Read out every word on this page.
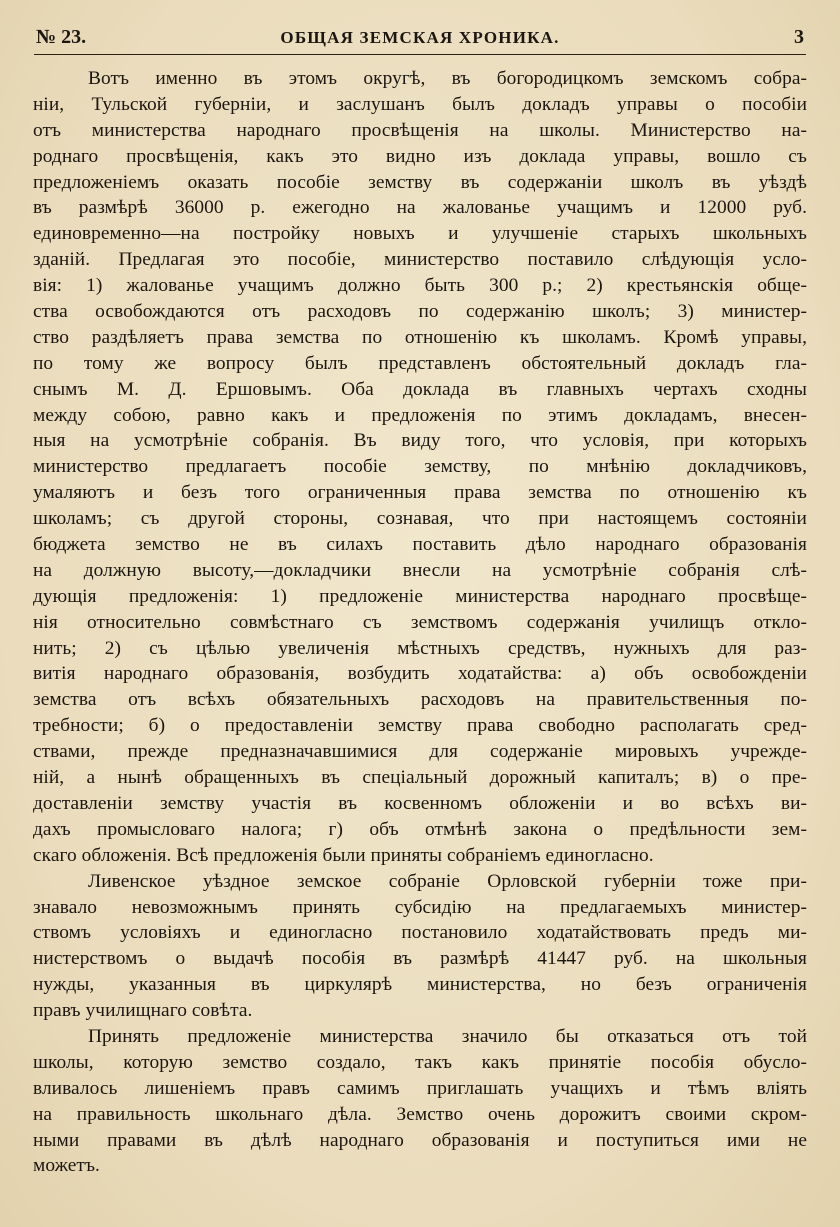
№ 23.	ОБЩАЯ ЗЕМСКАЯ ХРОНИКА.	3
Вотъ именно въ этомъ округѣ, въ богородицкомъ земскомъ собра-
ніи, Тульской губерніи, и заслушанъ былъ докладъ управы о пособіи
отъ министерства народнаго просвѣщенія на школы. Министерство на-
роднаго просвѣщенія, какъ это видно изъ доклада управы, вошло съ
предложеніемъ оказать пособіе земству въ содержаніи школъ въ уѣздѣ
въ размѣрѣ 36000 р. ежегодно на жалованье учащимъ и 12000 руб.
единовременно—на постройку новыхъ и улучшеніе старыхъ школьныхъ
зданій. Предлагая это пособіе, министерство поставило слѣдующія усло-
вія: 1) жалованье учащимъ должно быть 300 р.; 2) крестьянскія обще-
ства освобождаются отъ расходовъ по содержанію школъ; 3) министер-
ство раздѣляетъ права земства по отношенію къ школамъ. Кромѣ управы,
по тому же вопросу былъ представленъ обстоятельный докладъ гла-
снымъ М. Д. Ершовымъ. Оба доклада въ главныхъ чертахъ сходны
между собою, равно какъ и предложенія по этимъ докладамъ, внесен-
ныя на усмотрѣніе собранія. Въ виду того, что условія, при которыхъ
министерство предлагаетъ пособіе земству, по мнѣнію докладчиковъ,
умаляютъ и безъ того ограниченныя права земства по отношенію къ
школамъ; съ другой стороны, сознавая, что при настоящемъ состояніи
бюджета земство не въ силахъ поставить дѣло народнаго образованія
на должную высоту,—докладчики внесли на усмотрѣніе собранія слѣ-
дующія предложенія: 1) предложеніе министерства народнаго просвѣще-
нія относительно совмѣстнаго съ земствомъ содержанія училищъ откло-
нить; 2) съ цѣлью увеличенія мѣстныхъ средствъ, нужныхъ для раз-
витія народнаго образованія, возбудить ходатайства: а) объ освобожденіи
земства отъ всѣхъ обязательныхъ расходовъ на правительственныя по-
требности; б) о предоставленіи земству права свободно располагать сред-
ствами, прежде предназначавшимися для содержаніе мировыхъ учрежде-
ній, а нынѣ обращенныхъ въ спеціальный дорожный капиталъ; в) о пре-
доставленіи земству участія въ косвенномъ обложеніи и во всѣхъ ви-
дахъ промысловаго налога; г) объ отмѣнѣ закона о предѣльности зем-
скаго обложенія. Всѣ предложенія были приняты собраніемъ единогласно.
Ливенское уѣздное земское собраніе Орловской губерніи тоже при-
знавало невозможнымъ принять субсидію на предлагаемыхъ министер-
ствомъ условіяхъ и единогласно постановило ходатайствовать предъ ми-
нистерствомъ о выдачѣ пособія въ размѣрѣ 41447 руб. на школьныя
нужды, указанныя въ циркулярѣ министерства, но безъ ограниченія
правъ училищнаго совѣта.
Принять предложеніе министерства значило бы отказаться отъ той
школы, которую земство создало, такъ какъ принятіе пособія обусло-
вливалось лишеніемъ правъ самимъ приглашать учащихъ и тѣмъ вліять
на правильность школьнаго дѣла. Земство очень дорожитъ своими скром-
ными правами въ дѣлѣ народнаго образованія и поступиться ими не
можетъ.
